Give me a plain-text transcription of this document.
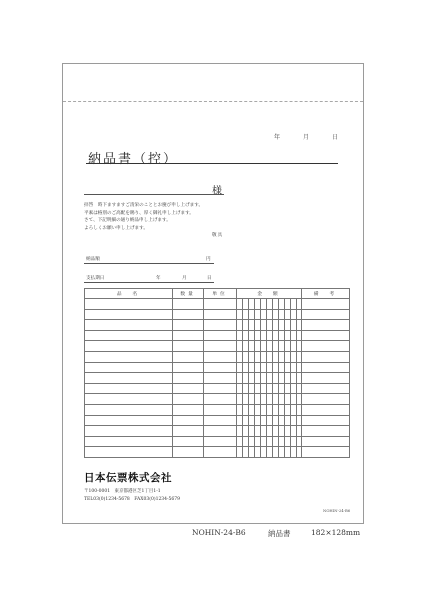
年	月	日
納品書（控）
様
拝啓　時下ますますご清栄のこととお慶び申し上げます。
平素は格別のご高配を賜り、厚く御礼申し上げます。
さて、下記明細の通り納品申し上げます。
よろしくお願い申し上げます。
敬具
納品額	円
支払期日	年	月	日
品　名	数量	単位	金　額											備　考

日本伝票株式会社
〒100-0001　東京都港区芝1丁目1-1
TEL03(0)1234-5678　FAX03(0)1234-5679
NOHIN-24-B6
NOHIN-24-B6	納品書	182×128mm
